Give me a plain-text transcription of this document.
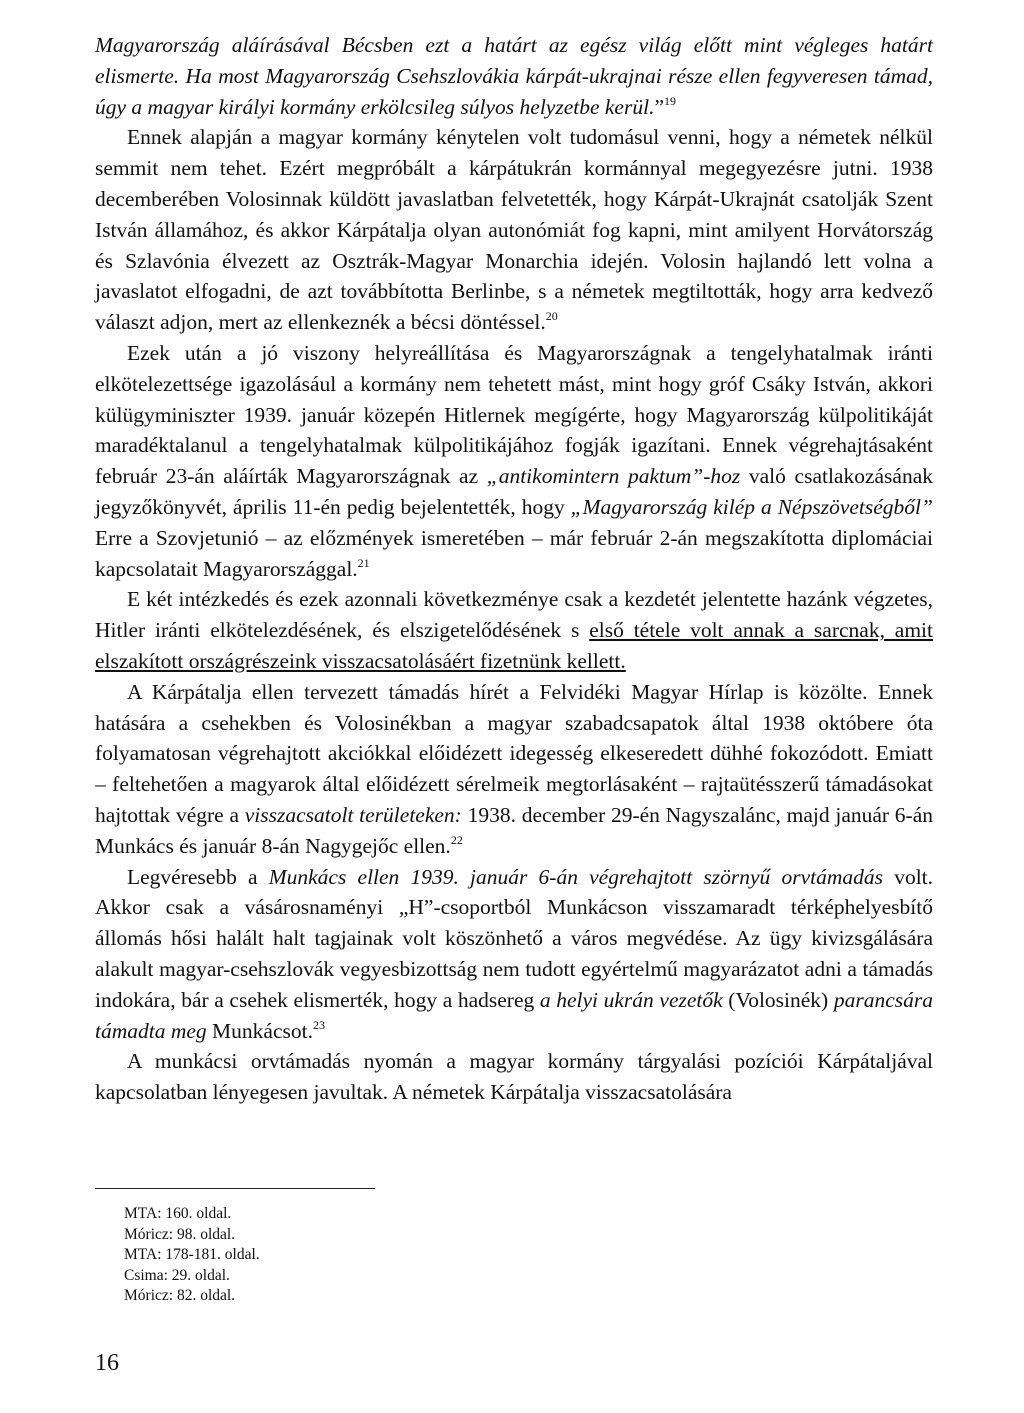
Magyarország aláírásával Bécsben ezt a határt az egész világ előtt mint végleges határt elismerte. Ha most Magyarország Csehszlovákia kárpát-ukrajnai része ellen fegyveresen támad, úgy a magyar királyi kormány erkölcsileg súlyos helyzetbe kerül.”$^{19}$

Ennek alapján a magyar kormány kénytelen volt tudomásul venni, hogy a németek nélkül semmit nem tehet. Ezért megpróbált a kárpátukrán kormánnyal megegyezésre jutni. 1938 decemberében Volosinnak küldött javaslatban felvetették, hogy Kárpát-Ukrajnát csatolják Szent István államához, és akkor Kárpátalja olyan autonómiát fog kapni, mint amilyent Horvátország és Szlavónia élvezett az Osztrák-Magyar Monarchia idején. Volosin hajlandó lett volna a javaslatot elfogadni, de azt továbbította Berlinbe, s a németek megtiltották, hogy arra kedvező választ adjon, mert az ellenkeznék a bécsi döntéssel.$^{20}$

Ezek után a jó viszony helyreállítása és Magyarországnak a tengelyhatalmak iránti elkötelezettsége igazolásául a kormány nem tehetett mást, mint hogy gróf Csáky István, akkori külügyminiszter 1939. január közepén Hitlernek megígérte, hogy Magyarország külpolitikáját maradéktalanul a tengelyhatalmak külpolitikájához fogják igazítani. Ennek végrehajtásaként február 23-án aláírták Magyarországnak az „antikomintern paktum”-hoz való csatlakozásának jegyzőkönyvét, április 11-én pedig bejelentették, hogy „Magyarország kilép a Népszövetségből” Erre a Szovjetunió – az előzmények ismeretében – már február 2-án megszakította diplomáciai kapcsolatait Magyarországgal.$^{21}$

E két intézkedés és ezek azonnali következménye csak a kezdetét jelentette hazánk végzetes, Hitler iránti elkötelezdésének, és elszigetelődésének s első tétele volt annak a sarcnak, amit elszakított országrészeink visszacsatolásáért fizetnünk kellett.

A Kárpátalja ellen tervezett támadás hírét a Felvidéki Magyar Hírlap is közölte. Ennek hatására a csehekben és Volosinékban a magyar szabadcsapatok által 1938 októbere óta folyamatosan végrehajtott akciókkal előidézett idegesség elkeseredett dühhé fokozódott. Emiatt – feltehetően a magyarok által előidézett sérelmeik megtorlásaként – rajtaütésszerű támadásokat hajtottak végre a visszacsatolt területeken: 1938. december 29-én Nagyszalánc, majd január 6-án Munkács és január 8-án Nagygejőc ellen.$^{22}$

Legvéresebb a Munkács ellen 1939. január 6-án végrehajtott szörnyű orvtámadás volt. Akkor csak a vásárosnaményi „H”-csoportból Munkácson visszamaradt térképhelyesbítő állomás hősi halált halt tagjainak volt köszönhető a város megvédése. Az ügy kivizsgálására alakult magyar-csehszlovák vegyesbizottság nem tudott egyértelmű magyarázatot adni a támadás indokára, bár a csehek elismerték, hogy a hadsereg a helyi ukrán vezetők (Volosinék) parancsára támadta meg Munkácsot.$^{23}$

A munkácsi orvtámadás nyomán a magyar kormány tárgyalási pozíciói Kárpátaljával kapcsolatban lényegesen javultak. A németek Kárpátalja visszacsatolására

MTA: 160. oldal.
Móricz: 98. oldal.
MTA: 178-181. oldal.
Csima: 29. oldal.
Móricz: 82. oldal.
16
